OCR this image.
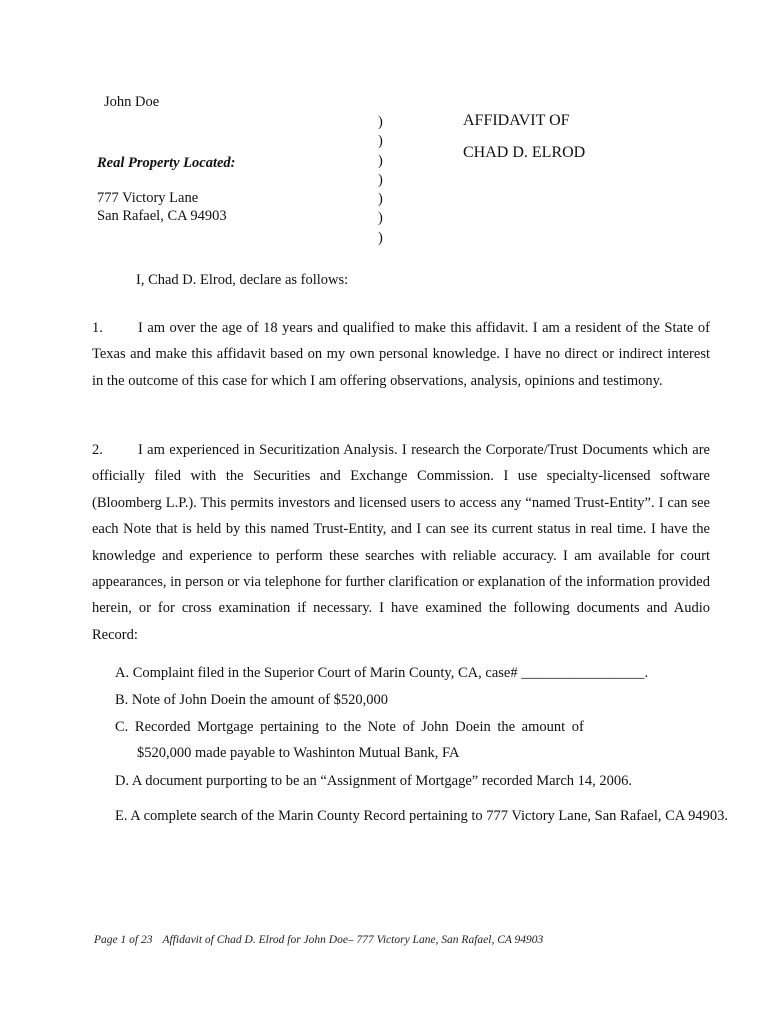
John Doe
Real Property Located:
777 Victory Lane
San Rafael, CA 94903
)
)
)
)
)
)
)
AFFIDAVIT OF
CHAD D. ELROD
I, Chad D. Elrod, declare as follows:
1. I am over the age of 18 years and qualified to make this affidavit. I am a resident of the State of Texas and make this affidavit based on my own personal knowledge. I have no direct or indirect interest in the outcome of this case for which I am offering observations, analysis, opinions and testimony.
2. I am experienced in Securitization Analysis. I research the Corporate/Trust Documents which are officially filed with the Securities and Exchange Commission. I use specialty-licensed software (Bloomberg L.P.). This permits investors and licensed users to access any “named Trust-Entity”. I can see each Note that is held by this named Trust-Entity, and I can see its current status in real time. I have the knowledge and experience to perform these searches with reliable accuracy. I am available for court appearances, in person or via telephone for further clarification or explanation of the information provided herein, or for cross examination if necessary. I have examined the following documents and Audio Record:
A. Complaint filed in the Superior Court of Marin County, CA, case# _________________.
B. Note of John Doein the amount of $520,000
C. Recorded Mortgage pertaining to the Note of John Doein the amount of
$520,000 made payable to Washinton Mutual Bank, FA
D. A document purporting to be an “Assignment of Mortgage” recorded March 14, 2006.
E. A complete search of the Marin County Record pertaining to 777 Victory Lane, San Rafael, CA 94903.
Page 1 of 23 Affidavit of Chad D. Elrod for John Doe– 777 Victory Lane, San Rafael, CA 94903
